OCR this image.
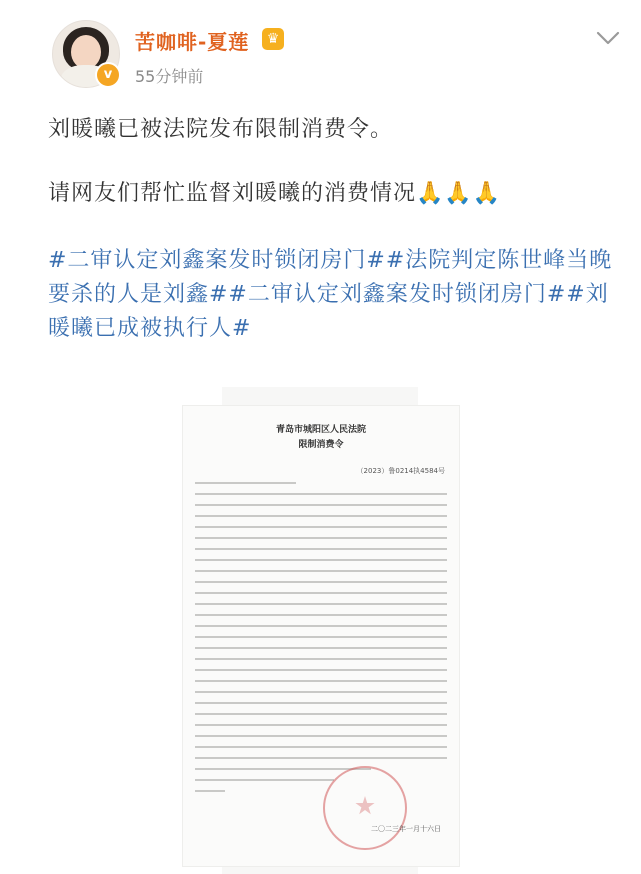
v
苦咖啡-夏莲	♛
55分钟前
刘暖曦已被法院发布限制消费令。
请网友们帮忙监督刘暖曦的消费情况🙏🙏🙏
#二审认定刘鑫案发时锁闭房门##法院判定陈世峰当晚要杀的人是刘鑫##二审认定刘鑫案发时锁闭房门##刘暖曦已成被执行人#
青岛市城阳区人民法院
限制消费令
（2023）鲁0214执4584号
二〇二三年一月十六日
